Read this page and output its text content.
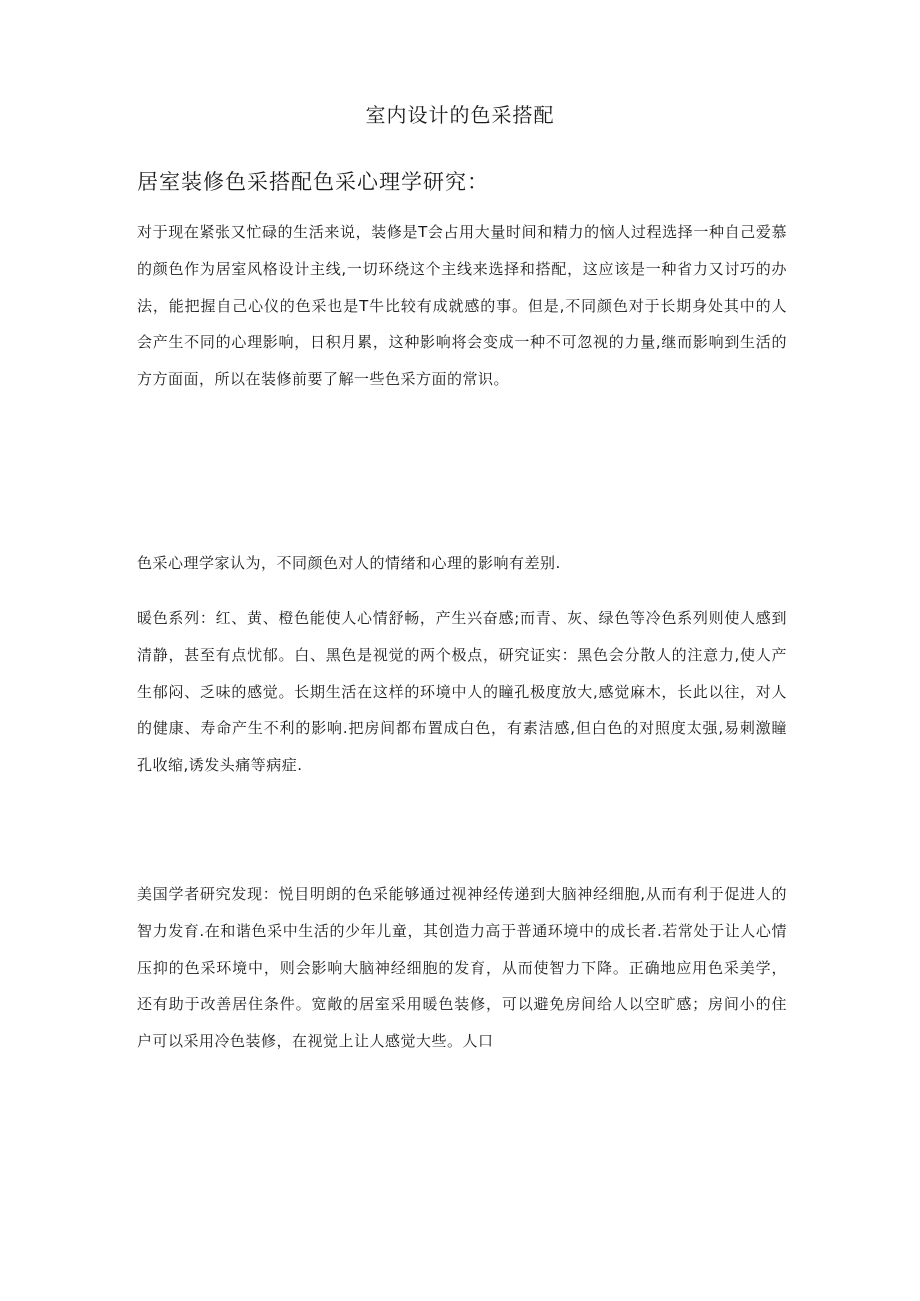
室内设计的色采搭配
居室装修色采搭配色采心理学研究：

对于现在紧张又忙碌的生活来说，装修是T会占用大量时间和精力的恼人过程选择一种自己爱慕的颜色作为居室风格设计主线,一切环绕这个主线来选择和搭配，这应该是一种省力又讨巧的办法，能把握自己心仪的色采也是T牛比较有成就感的事。但是,不同颜色对于长期身处其中的人会产生不同的心理影响，日积月累，这种影响将会变成一种不可忽视的力量,继而影响到生活的方方面面，所以在装修前要了解一些色采方面的常识。

色采心理学家认为，不同颜色对人的情绪和心理的影响有差别.

暖色系列：红、黄、橙色能使人心情舒畅，产生兴奋感;而青、灰、绿色等冷色系列则使人感到清静，甚至有点忧郁。白、黑色是视觉的两个极点，研究证实：黑色会分散人的注意力,使人产生郁闷、乏味的感觉。长期生活在这样的环境中人的瞳孔极度放大,感觉麻木，长此以往，对人的健康、寿命产生不利的影响.把房间都布置成白色，有素洁感,但白色的对照度太强,易刺激瞳孔收缩,诱发头痛等病症.

美国学者研究发现：悦目明朗的色采能够通过视神经传递到大脑神经细胞,从而有利于促进人的智力发育.在和谐色采中生活的少年儿童，其创造力高于普通环境中的成长者.若常处于让人心情压抑的色采环境中，则会影响大脑神经细胞的发育，从而使智力下降。正确地应用色采美学，还有助于改善居住条件。宽敞的居室采用暖色装修，可以避免房间给人以空旷感；房间小的住户可以采用冷色装修，在视觉上让人感觉大些。人口
